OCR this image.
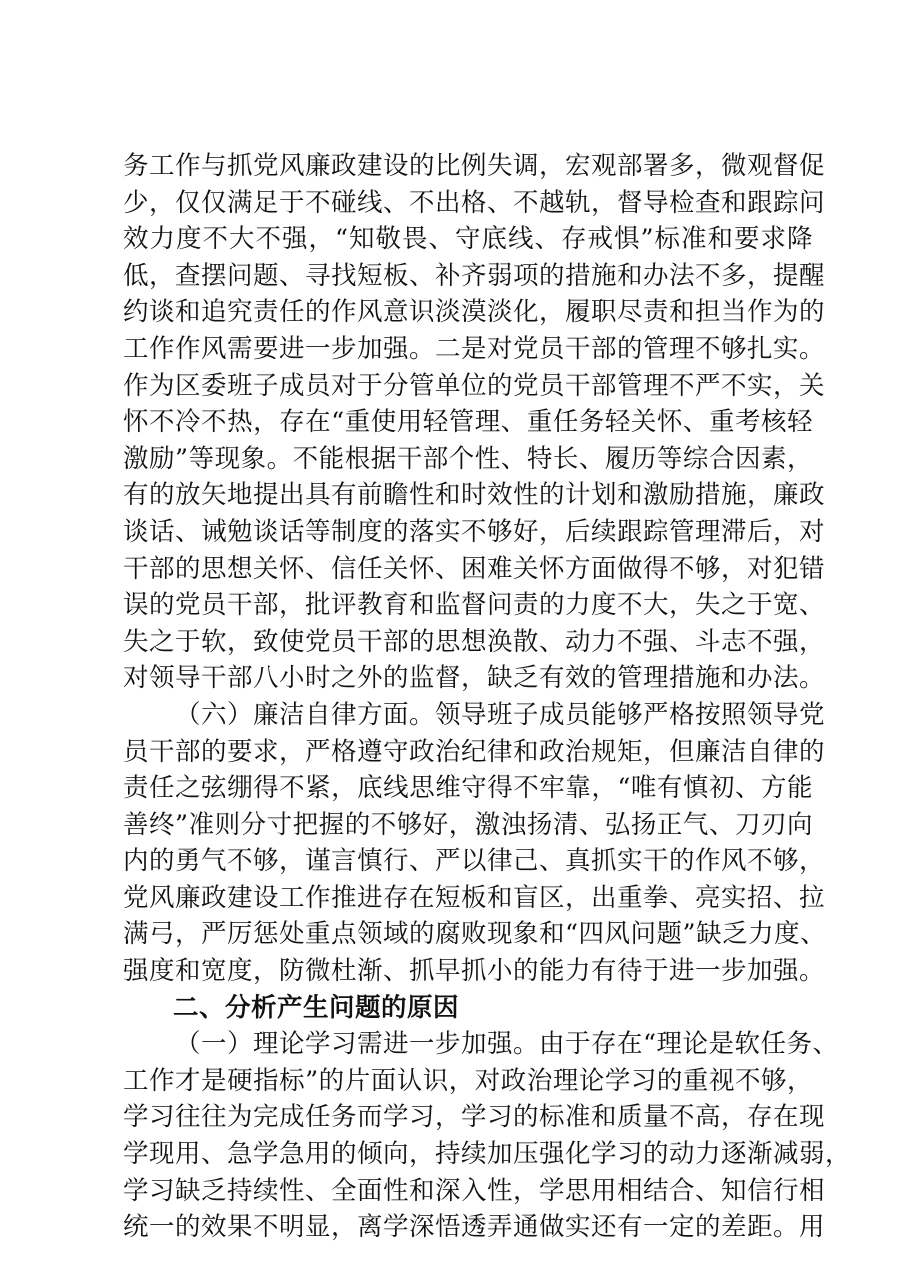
务工作与抓党风廉政建设的比例失调，宏观部署多，微观督促
少，仅仅满足于不碰线、不出格、不越轨，督导检查和跟踪问
效力度不大不强，“知敬畏、守底线、存戒惧”标准和要求降
低，查摆问题、寻找短板、补齐弱项的措施和办法不多，提醒
约谈和追究责任的作风意识淡漠淡化，履职尽责和担当作为的
工作作风需要进一步加强。二是对党员干部的管理不够扎实。
作为区委班子成员对于分管单位的党员干部管理不严不实，关
怀不冷不热，存在“重使用轻管理、重任务轻关怀、重考核轻
激励”等现象。不能根据干部个性、特长、履历等综合因素，
有的放矢地提出具有前瞻性和时效性的计划和激励措施，廉政
谈话、诫勉谈话等制度的落实不够好，后续跟踪管理滞后，对
干部的思想关怀、信任关怀、困难关怀方面做得不够，对犯错
误的党员干部，批评教育和监督问责的力度不大，失之于宽、
失之于软，致使党员干部的思想涣散、动力不强、斗志不强，
对领导干部八小时之外的监督，缺乏有效的管理措施和办法。
（六）廉洁自律方面。领导班子成员能够严格按照领导党
员干部的要求，严格遵守政治纪律和政治规矩，但廉洁自律的
责任之弦绷得不紧，底线思维守得不牢靠，“唯有慎初、方能
善终”准则分寸把握的不够好，激浊扬清、弘扬正气、刀刃向
内的勇气不够，谨言慎行、严以律己、真抓实干的作风不够，
党风廉政建设工作推进存在短板和盲区，出重拳、亮实招、拉
满弓，严厉惩处重点领域的腐败现象和“四风问题”缺乏力度、
强度和宽度，防微杜渐、抓早抓小的能力有待于进一步加强。
二、分析产生问题的原因
（一）理论学习需进一步加强。由于存在“理论是软任务、
工作才是硬指标”的片面认识，对政治理论学习的重视不够，
学习往往为完成任务而学习，学习的标准和质量不高，存在现
学现用、急学急用的倾向，持续加压强化学习的动力逐渐减弱，
学习缺乏持续性、全面性和深入性，学思用相结合、知信行相
统一的效果不明显，离学深悟透弄通做实还有一定的差距。用
